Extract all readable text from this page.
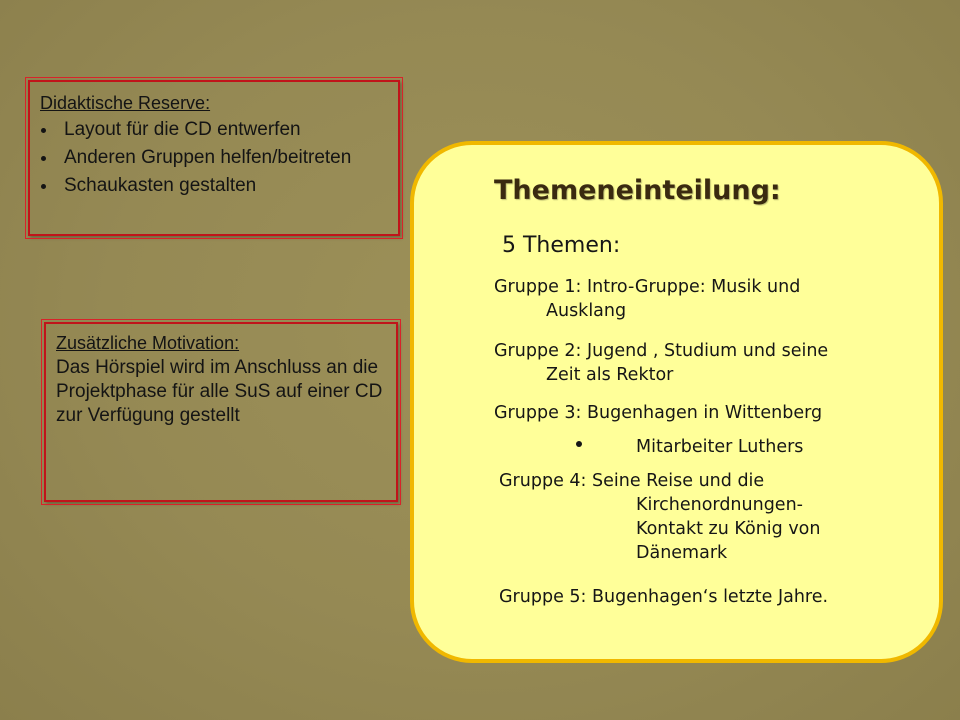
Didaktische Reserve:
Layout für die CD entwerfen
Anderen Gruppen helfen/beitreten
Schaukasten gestalten
Zusätzliche Motivation:

Das Hörspiel wird im Anschluss an die Projektphase für alle SuS auf einer CD zur Verfügung gestellt

Themeneinteilung:
5 Themen:
Gruppe 1: Intro-Gruppe: Musik und
Ausklang
Gruppe 2: Jugend , Studium und seine
Zeit als Rektor
Gruppe 3: Bugenhagen in Wittenberg
Mitarbeiter Luthers
Gruppe 4: Seine Reise und die
Kirchenordnungen-
Kontakt zu König von
Dänemark
Gruppe 5: Bugenhagen‘s letzte Jahre.
